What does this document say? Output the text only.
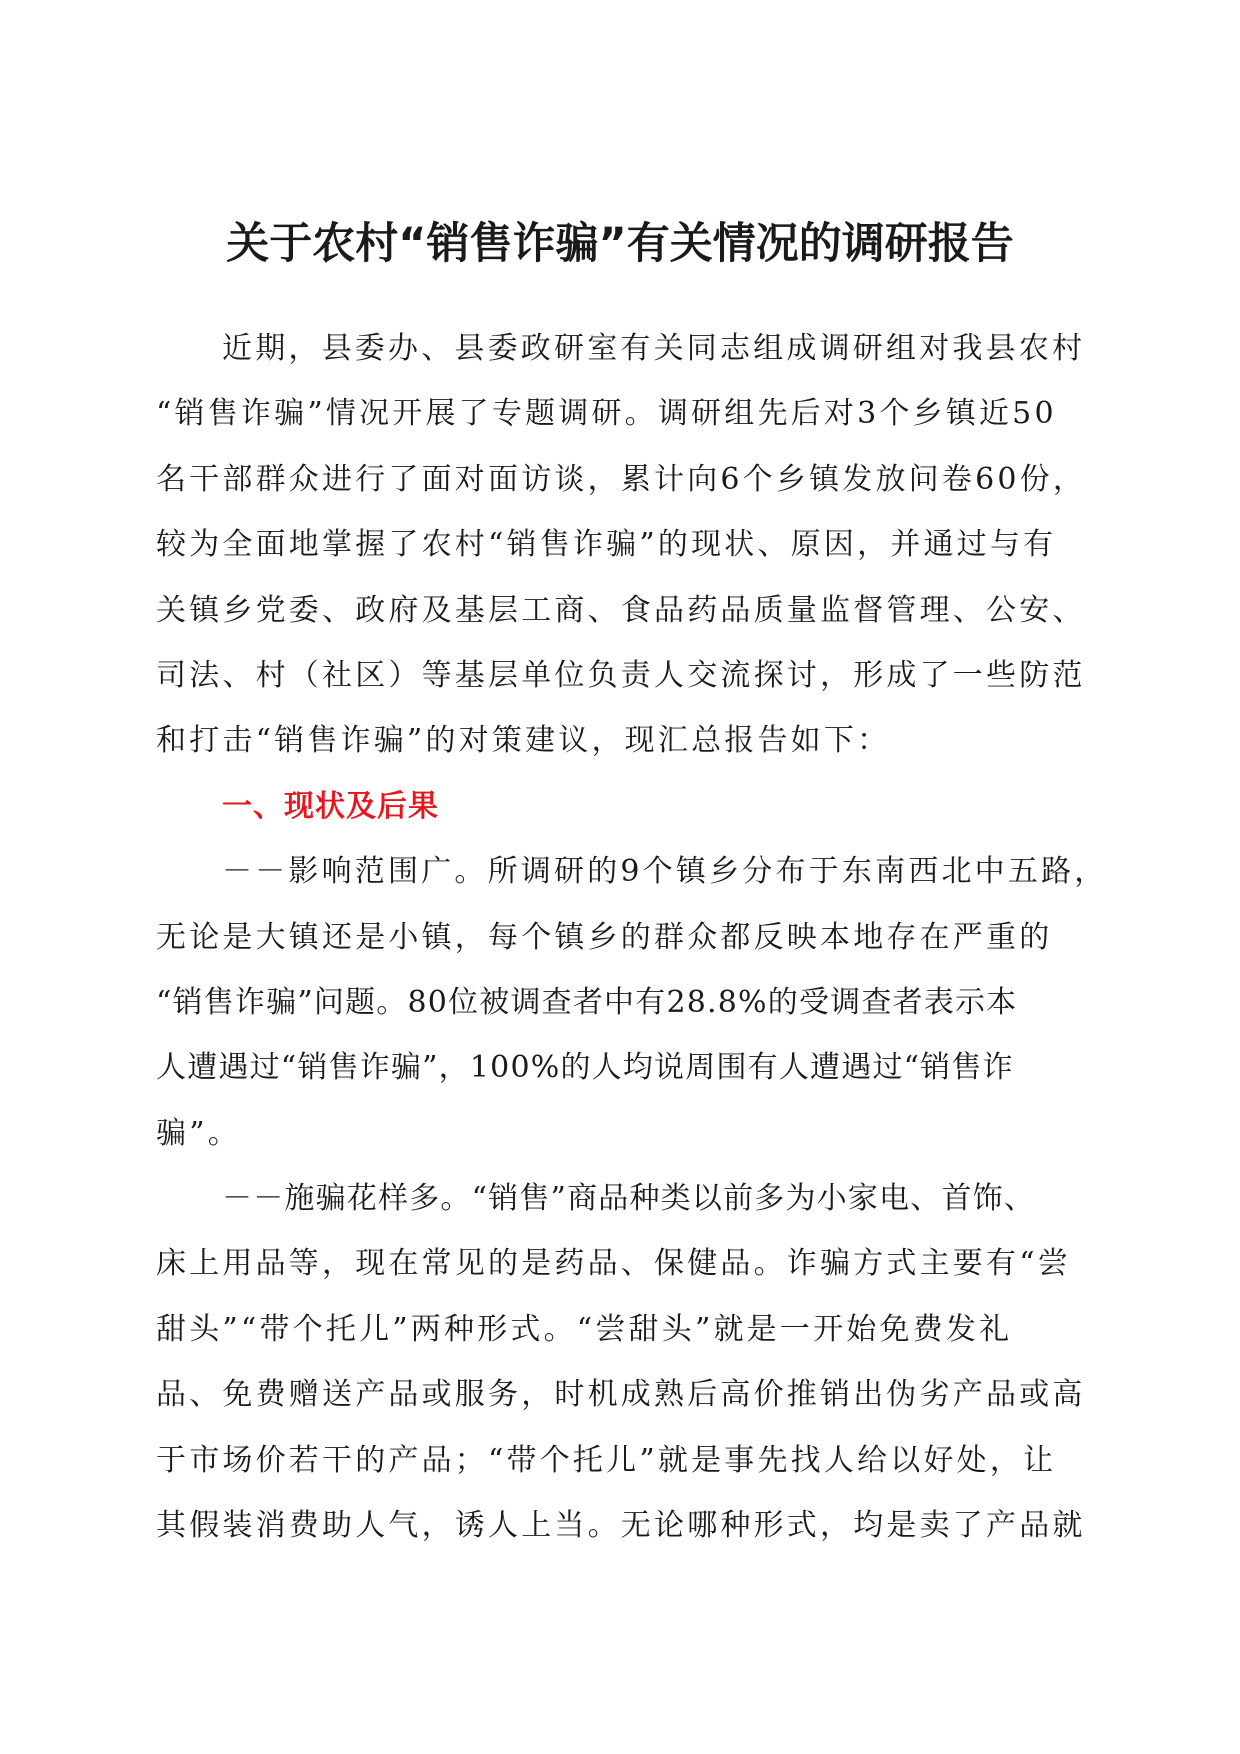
关于农村“销售诈骗”有关情况的调研报告
近期，县委办、县委政研室有关同志组成调研组对我县农村
“销售诈骗”情况开展了专题调研。调研组先后对3个乡镇近50
名干部群众进行了面对面访谈，累计向6个乡镇发放问卷60份，
较为全面地掌握了农村“销售诈骗”的现状、原因，并通过与有
关镇乡党委、政府及基层工商、食品药品质量监督管理、公安、
司法、村（社区）等基层单位负责人交流探讨，形成了一些防范
和打击“销售诈骗”的对策建议，现汇总报告如下：
一、现状及后果
－－影响范围广。所调研的9个镇乡分布于东南西北中五路，
无论是大镇还是小镇，每个镇乡的群众都反映本地存在严重的
“销售诈骗”问题。80位被调查者中有28.8%的受调查者表示本
人遭遇过“销售诈骗”，100%的人均说周围有人遭遇过“销售诈
骗”。
－－施骗花样多。“销售”商品种类以前多为小家电、首饰、
床上用品等，现在常见的是药品、保健品。诈骗方式主要有“尝
甜头”“带个托儿”两种形式。“尝甜头”就是一开始免费发礼
品、免费赠送产品或服务，时机成熟后高价推销出伪劣产品或高
于市场价若干的产品；“带个托儿”就是事先找人给以好处，让
其假装消费助人气，诱人上当。无论哪种形式，均是卖了产品就
